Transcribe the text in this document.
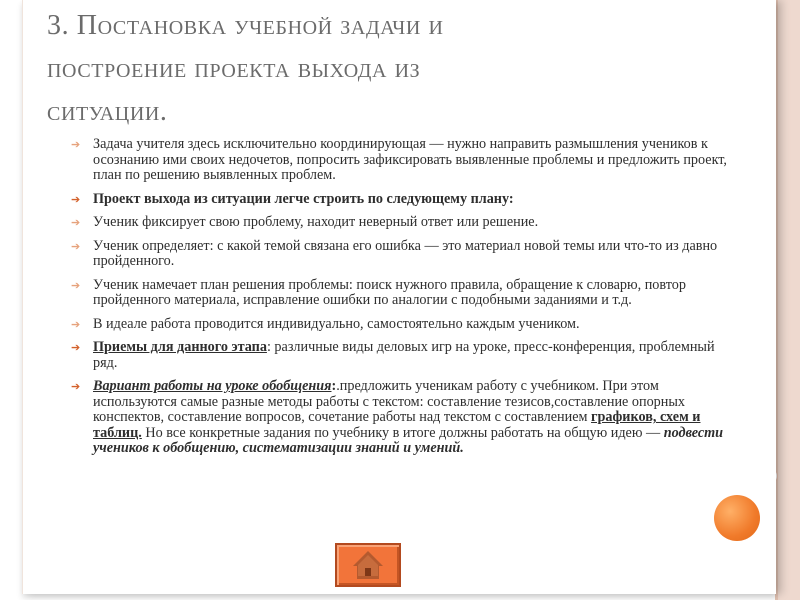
3. Постановка учебной задачи и
построение проекта выхода из
ситуации.
➔ Задача учителя здесь исключительно координирующая — нужно направить размышления учеников к осознанию ими своих недочетов, попросить зафиксировать выявленные проблемы и предложить проект, план по решению выявленных проблем.
➔ Проект выхода из ситуации легче строить по следующему плану:
➔ Ученик фиксирует свою проблему, находит неверный ответ или решение.
➔ Ученик определяет: с какой темой связана его ошибка — это материал новой темы или что-то из давно пройденного.
➔ Ученик намечает план решения проблемы: поиск нужного правила, обращение к словарю, повтор пройденного материала, исправление ошибки по аналогии с подобными заданиями и т.д.
➔ В идеале работа проводится индивидуально, самостоятельно каждым учеником.
➔ Приемы для данного этапа: различные виды деловых игр на уроке, пресс-конференция, проблемный ряд.
➔ Вариант работы на уроке обобщения:.предложить ученикам работу с учебником. При этом используются самые разные методы работы с текстом: составление тезисов,составление опорных конспектов, составление вопросов, сочетание работы над текстом с составлением графиков, схем и таблиц. Но все конкретные задания по учебнику в итоге должны работать на общую идею — подвести учеников к обобщению, систематизации знаний и умений.
